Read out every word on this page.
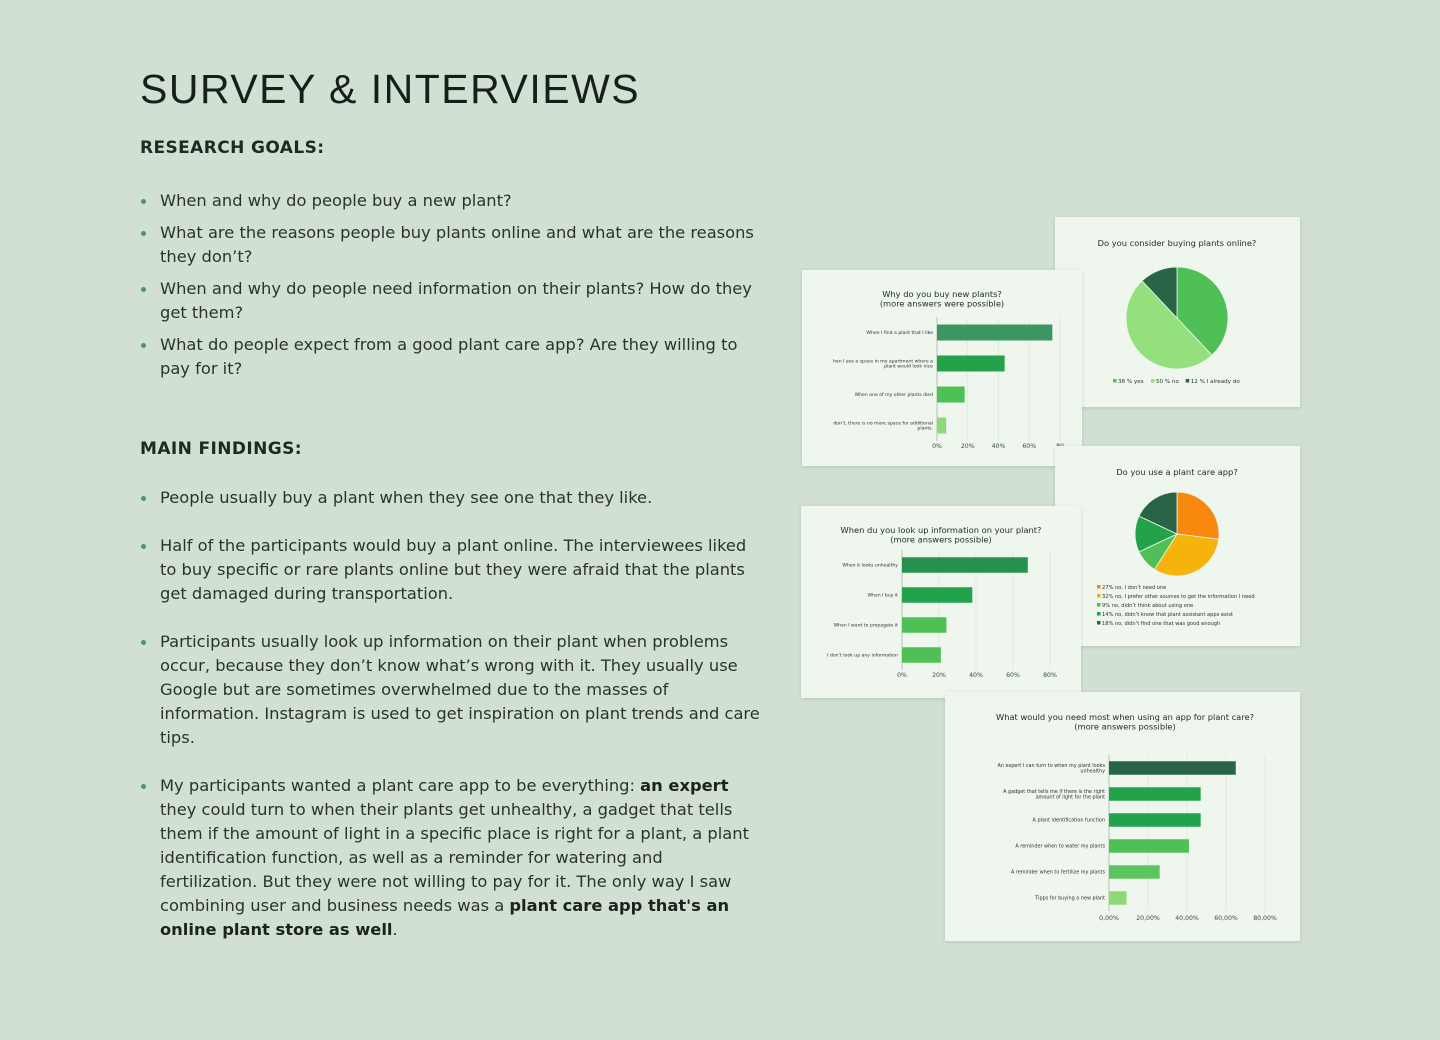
SURVEY & INTERVIEWS
RESEARCH GOALS:
When and why do people buy a new plant?
What are the reasons people buy plants online and what are the reasons they don’t?
When and why do people need information on their plants? How do they get them?
What do people expect from a good plant care app? Are they willing to pay for it?
MAIN FINDINGS:
People usually buy a plant when they see one that they like.
Half of the participants would buy a plant online. The interviewees liked to buy specific or rare plants online but they were afraid that the plants get damaged during transportation.
Participants usually look up information on their plant when problems occur, because they don’t know what’s wrong with it. They usually use Google but are sometimes overwhelmed due to the masses of information. Instagram is used to get inspiration on plant trends and care tips.
My participants wanted a plant care app to be everything: an expert they could turn to when their plants get unhealthy, a gadget that tells them if the amount of light in a specific place is right for a plant, a plant identification function, as well as a reminder for watering and fertilization. But they were not willing to pay for it. The only way I saw combining user and business needs was a plant care app that's an online plant store as well.
Do you consider buying plants online?
38 % yes 50 % no 12 % I already do
Why do you buy new plants?
(more answers were possible)
0%	20%	40%	60%
When I find a plant that I like
hen I see a space in my apartment where a plant would look nice
When one of my other plants died
don’t, there is no more space for additional plants.
Do you use a plant care app?
27% no, I don’t need one
32% no, I prefer other sources to get the information I need
9% no, didn’t think about using one
14% no, didn’t know that plant assistant apps exist
18% no, didn’t find one that was good enough
When du you look up information on your plant?
(more answers possible)
0%	20%	40%	60%	80%
When it looks unhealthy
When I buy it
When I want to propagate it
I don’t look up any information
What would you need most when using an app for plant care?
(more answers possible)
0,00%	20,00% 40,00% 60,00% 80,00%
An expert I can turn to when my plant looks unhealthy
A gadget that tells me if there is the right amount of light for the plant
A plant identification function
A reminder when to water my plants
A reminder when to fertilize my plants
Tipps for buying a new plant
